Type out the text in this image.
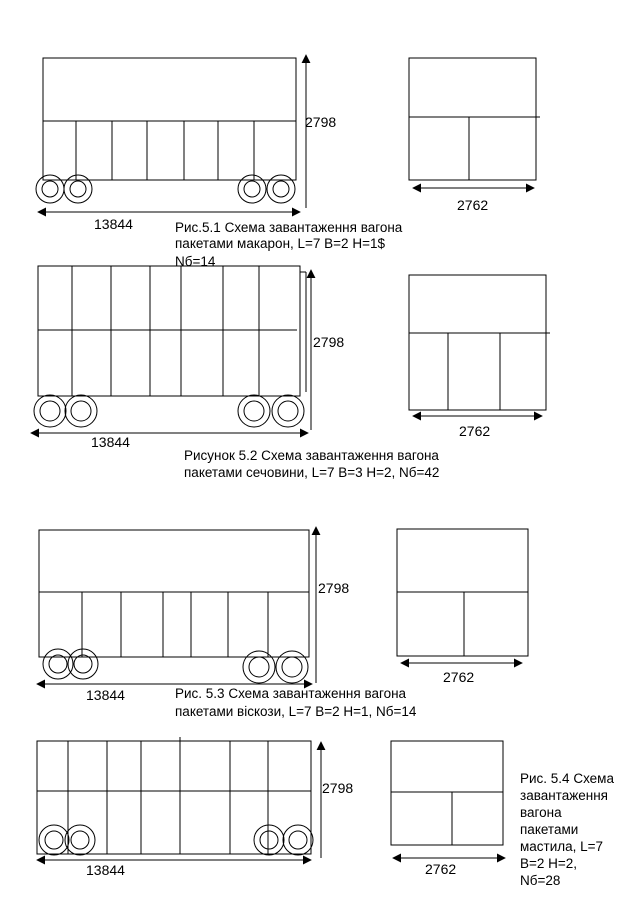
2798
13844
2762
Рис.5.1 Схема завантаження вагона
пакетами макарон, L=7 B=2 H=1$
Nб=14
2798
13844
2762
Рисунок 5.2 Схема завантаження вагона
пакетами сечовини, L=7 B=3 H=2, Nб=42
2798
13844
2762
Рис. 5.3 Схема завантаження вагона
пакетами віскози, L=7 B=2 H=1, Nб=14
2798
13844	2762
Рис. 5.4 Схема
завантаження
вагона
пакетами
мастила, L=7
B=2 H=2,
Nб=28
